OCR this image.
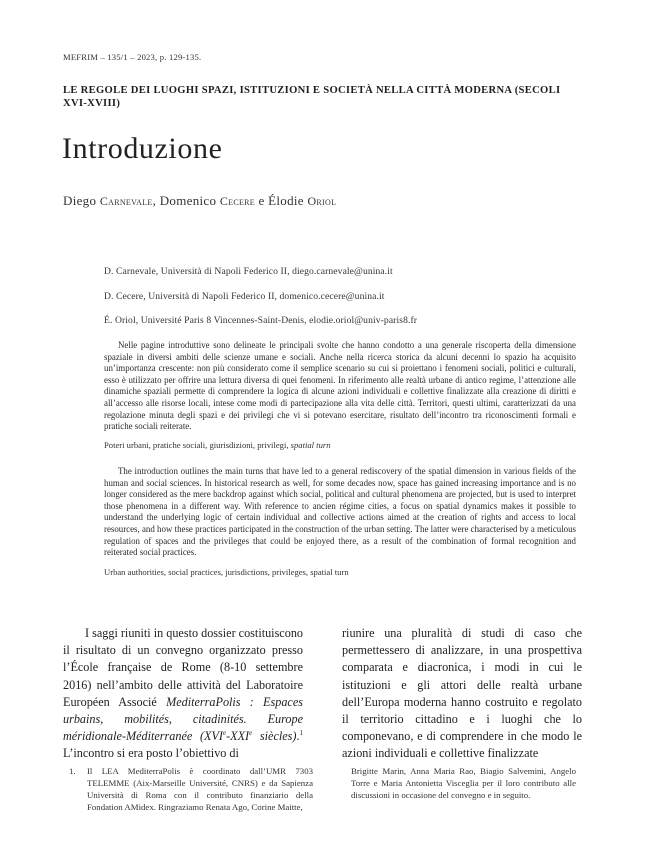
MEFRIM – 135/1 – 2023, p. 129-135.
LE REGOLE DEI LUOGHI SPAZI, ISTITUZIONI E SOCIETÀ NELLA CITTÀ MODERNA (SECOLI XVI-XVIII)
Introduzione
Diego Carnevale, Domenico Cecere e Élodie Oriol
D. Carnevale, Università di Napoli Federico II, diego.carnevale@unina.it
D. Cecere, Università di Napoli Federico II, domenico.cecere@unina.it
É. Oriol, Université Paris 8 Vincennes-Saint-Denis, elodie.oriol@univ-paris8.fr
Nelle pagine introduttive sono delineate le principali svolte che hanno condotto a una generale riscoperta della dimensione spaziale in diversi ambiti delle scienze umane e sociali. Anche nella ricerca storica da alcuni decenni lo spazio ha acquisito un’importanza crescente: non più considerato come il semplice scenario su cui si proiettano i fenomeni sociali, politici e culturali, esso è utilizzato per offrire una lettura diversa di quei fenomeni. In riferimento alle realtà urbane di antico regime, l’attenzione alle dinamiche spaziali permette di comprendere la logica di alcune azioni individuali e collettive finalizzate alla creazione di diritti e all’accesso alle risorse locali, intese come modi di partecipazione alla vita delle città. Territori, questi ultimi, caratterizzati da una regolazione minuta degli spazi e dei privilegi che vi si potevano esercitare, risultato dell’incontro tra riconoscimenti formali e pratiche sociali reiterate.
Poteri urbani, pratiche sociali, giurisdizioni, privilegi, spatial turn
The introduction outlines the main turns that have led to a general rediscovery of the spatial dimension in various fields of the human and social sciences. In historical research as well, for some decades now, space has gained increasing importance and is no longer considered as the mere backdrop against which social, political and cultural phenomena are projected, but is used to interpret those phenomena in a different way. With reference to ancien régime cities, a focus on spatial dynamics makes it possible to understand the underlying logic of certain individual and collective actions aimed at the creation of rights and access to local resources, and how these practices participated in the construction of the urban setting. The latter were characterised by a meticulous regulation of spaces and the privileges that could be enjoyed there, as a result of the combination of formal recognition and reiterated social practices.
Urban authorities, social practices, jurisdictions, privileges, spatial turn
I saggi riuniti in questo dossier costituiscono il risultato di un convegno organizzato presso l’École française de Rome (8-10 settembre 2016) nell’ambito delle attività del Laboratoire Européen Associé MediterraPolis : Espaces urbains, mobilités, citadinités. Europe méridionale-Méditerranée (XVIe-XXIe siècles).$^1$ L’incontro si era posto l’obiettivo di
riunire una pluralità di studi di caso che permettessero di analizzare, in una prospettiva comparata e diacronica, i modi in cui le istituzioni e gli attori delle realtà urbane dell’Europa moderna hanno costruito e regolato il territorio cittadino e i luoghi che lo componevano, e di comprendere in che modo le azioni individuali e collettive finalizzate
1. Il LEA MediterraPolis è coordinato dall’UMR 7303 TELEMME (Aix-Marseille Université, CNRS) e da Sapienza Università di Roma con il contributo finanziario della Fondation AMidex. Ringraziamo Renata Ago, Corine Maitte,
Brigitte Marin, Anna Maria Rao, Biagio Salvemini, Angelo Torre e Maria Antonietta Visceglia per il loro contributo alle discussioni in occasione del convegno e in seguito.
